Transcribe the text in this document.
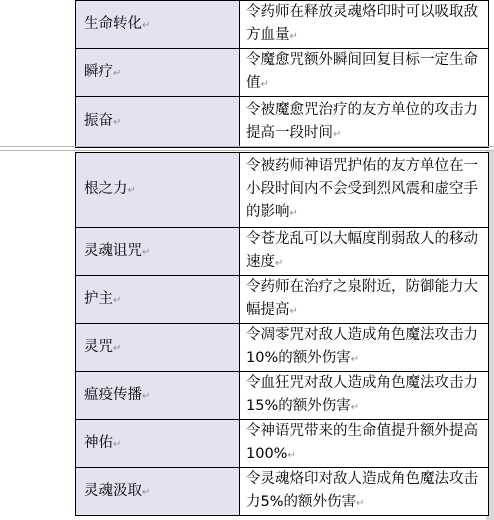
生命转化↵	令药师在释放灵魂烙印时可以吸取敌方血量↵
瞬疗↵	令魔愈咒额外瞬间回复目标一定生命值↵
振奋↵	令被魔愈咒治疗的友方单位的攻击力提高一段时间↵
根之力↵	令被药师神语咒护佑的友方单位在一小段时间内不会受到烈风震和虚空手的影响↵
灵魂诅咒↵	令苍龙乱可以大幅度削弱敌人的移动速度↵
护主↵	令药师在治疗之泉附近，防御能力大幅提高↵
灵咒↵	令凋零咒对敌人造成角色魔法攻击力10%的额外伤害↵
瘟疫传播↵	令血狂咒对敌人造成角色魔法攻击力15%的额外伤害↵
神佑↵	令神语咒带来的生命值提升额外提高100%↵
灵魂汲取↵	令灵魂烙印对敌人造成角色魔法攻击力5%的额外伤害↵
